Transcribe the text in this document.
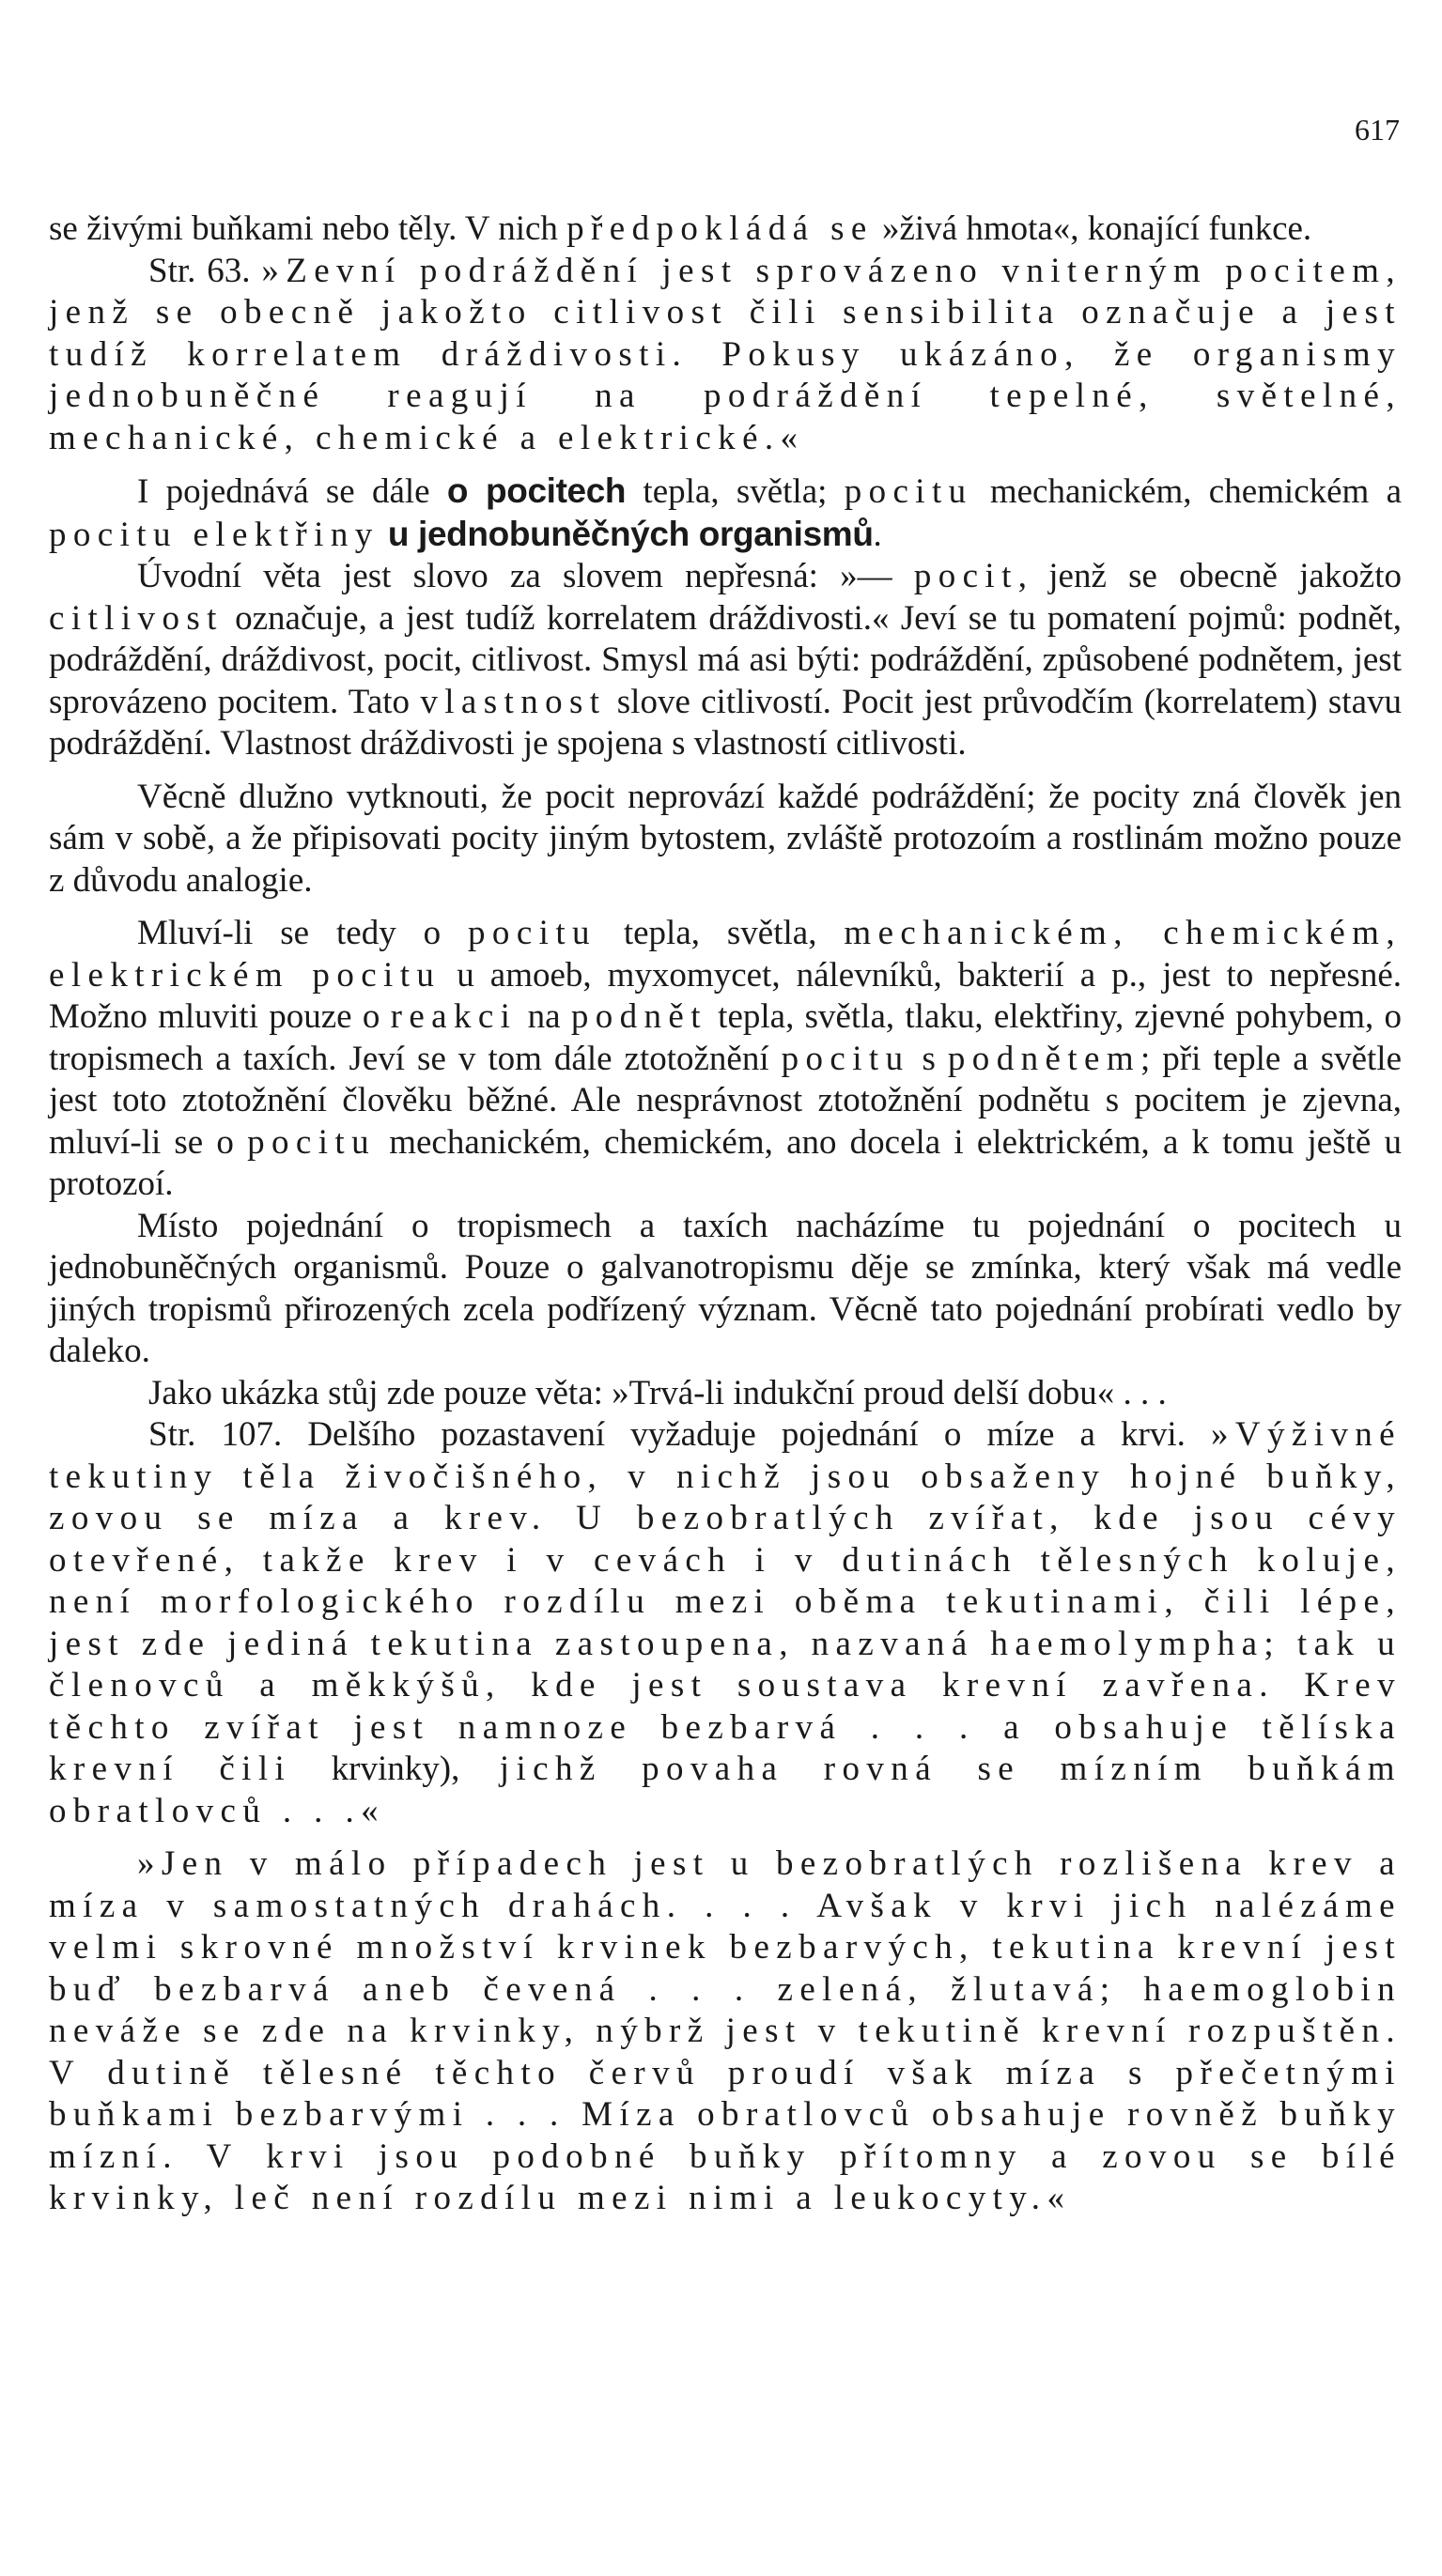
617

se živými buňkami nebo těly. V nich předpokládá se »živá hmota«, konající funkce.

Str. 63. »Zevní podráždění jest sprovázeno vniterným pocitem, jenž se obecně jakožto citlivost čili sensibilita označuje a jest tudíž korrelatem dráždivosti. Pokusy ukázáno, že organismy jednobuněčné reagují na podráždění tepelné, světelné, mechanické, chemické a elektrické.«

I pojednává se dále o pocitech tepla, světla; pocitu mechanickém, chemickém a pocitu elektřiny u jednobuněčných organismů.

Úvodní věta jest slovo za slovem nepřesná: »— pocit, jenž se obecně jakožto citlivost označuje, a jest tudíž korrelatem dráždivosti.« Jeví se tu pomatení pojmů: podnět, podráždění, dráždivost, pocit, citlivost. Smysl má asi býti: podráždění, způsobené podnětem, jest sprovázeno pocitem. Tato vlastnost slove citlivostí. Pocit jest průvodčím (korrelatem) stavu podráždění. Vlastnost dráždivosti je spojena s vlastností citlivosti.

Věcně dlužno vytknouti, že pocit neprovází každé podráždění; že pocity zná člověk jen sám v sobě, a že připisovati pocity jiným bytostem, zvláště protozoím a rostlinám možno pouze z důvodu analogie.

Mluví-li se tedy o pocitu tepla, světla, mechanickém, chemickém, elektrickém pocitu u amoeb, myxomycet, nálevníků, bakterií a p., jest to nepřesné. Možno mluviti pouze o reakci na podnět tepla, světla, tlaku, elektřiny, zjevné pohybem, o tropismech a taxích. Jeví se v tom dále ztotožnění pocitu s podnětem; při teple a světle jest toto ztotožnění člověku běžné. Ale nesprávnost ztotožnění podnětu s pocitem je zjevna, mluví-li se o pocitu mechanickém, chemickém, ano docela i elektrickém, a k tomu ještě u protozoí.

Místo pojednání o tropismech a taxích nacházíme tu pojednání o pocitech u jednobuněčných organismů. Pouze o galvanotropismu děje se zmínka, který však má vedle jiných tropismů přirozených zcela podřízený význam. Věcně tato pojednání probírati vedlo by daleko.

Jako ukázka stůj zde pouze věta: »Trvá-li indukční proud delší dobu« . . .

Str. 107. Delšího pozastavení vyžaduje pojednání o míze a krvi. »Výživné tekutiny těla živočišného, v nichž jsou obsaženy hojné buňky, zovou se míza a krev. U bezobratlých zvířat, kde jsou cévy otevřené, takže krev i v cevách i v dutinách tělesných koluje, není morfologického rozdílu mezi oběma tekutinami, čili lépe, jest zde jediná tekutina zastoupena, nazvaná haemolympha; tak u členovců a měkkýšů, kde jest soustava krevní zavřena. Krev těchto zvířat jest namnoze bezbarvá . . . a obsahuje tělíska krevní čili krvinky), jichž povaha rovná se mízním buňkám obratlovců . . .«

»Jen v málo případech jest u bezobratlých rozlišena krev a míza v samostatných drahách. . . . Avšak v krvi jich nalézáme velmi skrovné množství krvinek bezbarvých, tekutina krevní jest buď bezbarvá aneb čevená . . . zelená, žlutavá; haemoglobin neváže se zde na krvinky, nýbrž jest v tekutině krevní rozpuštěn. V dutině tělesné těchto červů proudí však míza s přečetnými buňkami bezbarvými . . . Míza obratlovců obsahuje rovněž buňky mízní. V krvi jsou podobné buňky přítomny a zovou se bílé krvinky, leč není rozdílu mezi nimi a leukocyty.«
